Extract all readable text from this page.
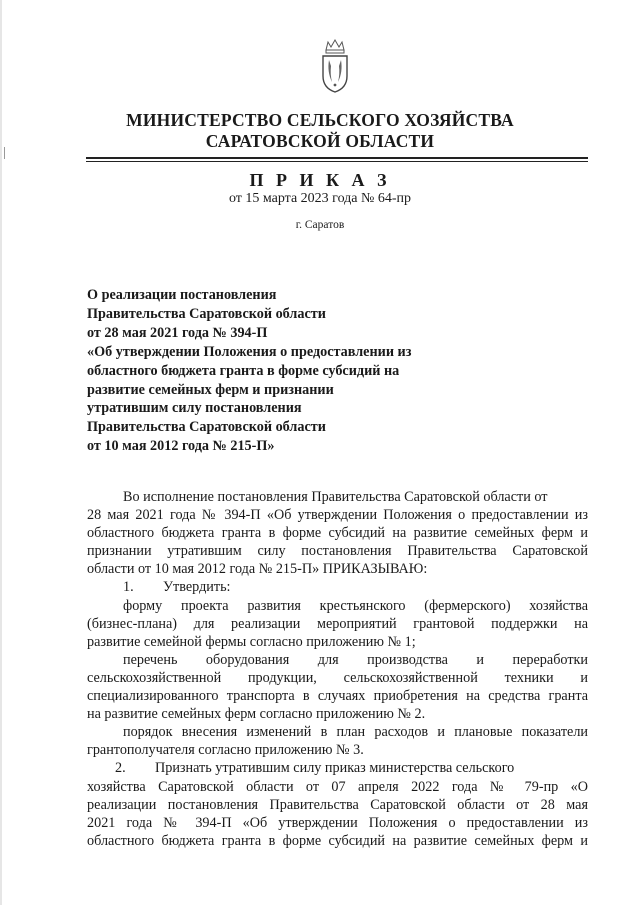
МИНИСТЕРСТВО СЕЛЬСКОГО ХОЗЯЙСТВА
САРАТОВСКОЙ ОБЛАСТИ
П Р И К А З
от 15 марта 2023 года № 64-пр
г. Саратов
О реализации постановления
Правительства Саратовской области
от 28 мая 2021 года № 394-П
«Об утверждении Положения о предоставлении из
областного бюджета гранта в форме субсидий на
развитие семейных ферм и признании
утратившим силу постановления
Правительства Саратовской области
от 10 мая 2012 года № 215-П»
Во исполнение постановления Правительства Саратовской области от
28 мая 2021 года № 394-П «Об утверждении Положения о предоставлении из
областного бюджета гранта в форме субсидий на развитие семейных ферм и
признании утратившим силу постановления Правительства Саратовской
области от 10 мая 2012 года № 215-П» ПРИКАЗЫВАЮ:
1. Утвердить:
форму проекта развития крестьянского (фермерского) хозяйства
(бизнес-плана) для реализации мероприятий грантовой поддержки на
развитие семейной фермы согласно приложению № 1;
перечень оборудования для производства и переработки
сельскохозяйственной продукции, сельскохозяйственной техники и
специализированного транспорта в случаях приобретения на средства гранта
на развитие семейных ферм согласно приложению № 2.
порядок внесения изменений в план расходов и плановые показатели
грантополучателя согласно приложению № 3.
2. Признать утратившим силу приказ министерства сельского
хозяйства Саратовской области от 07 апреля 2022 года № 79-пр «О
реализации постановления Правительства Саратовской области от 28 мая
2021 года № 394-П «Об утверждении Положения о предоставлении из
областного бюджета гранта в форме субсидий на развитие семейных ферм и
